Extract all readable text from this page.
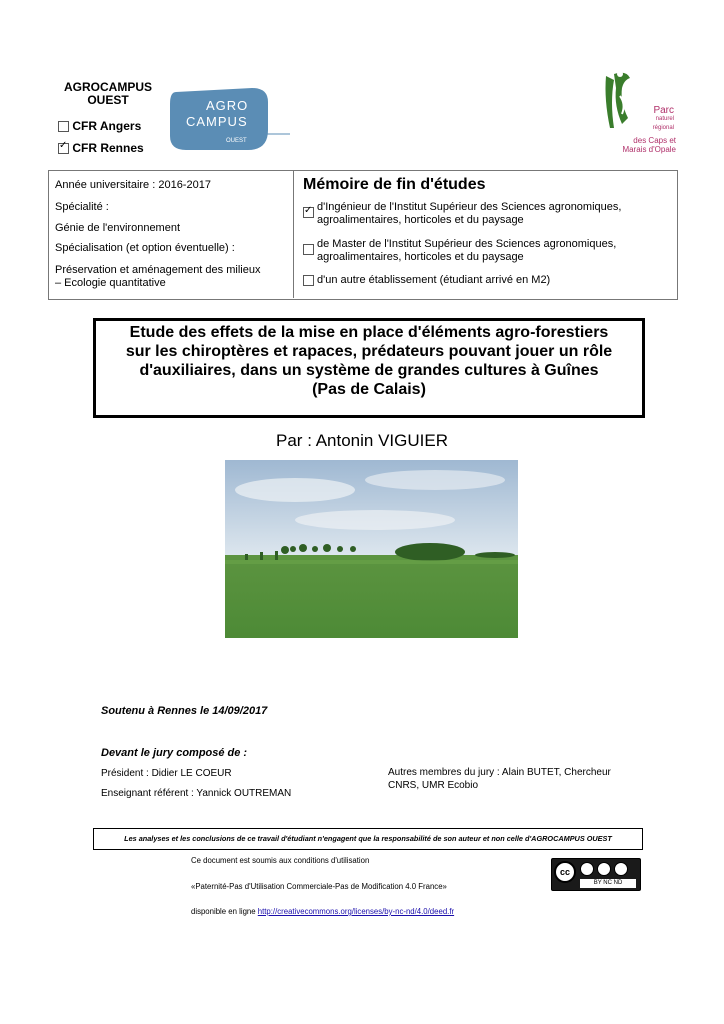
AGROCAMPUS
OUEST
CFR Angers
✓ CFR Rennes
AGRO
CAMPUS
OUEST
Parc
naturel
régional
des Caps et
Marais d'Opale
Année universitaire : 2016-2017
Spécialité :
Génie de l'environnement
Spécialisation (et option éventuelle) :
Préservation et aménagement des milieux
– Ecologie quantitative
Mémoire de fin d'études
✓
d'Ingénieur de l'Institut Supérieur des Sciences agronomiques,
agroalimentaires, horticoles et du paysage
de Master de l'Institut Supérieur des Sciences agronomiques,
agroalimentaires, horticoles et du paysage
d'un autre établissement (étudiant arrivé en M2)
Etude des effets de la mise en place d'éléments agro-forestiers
sur les chiroptères et rapaces, prédateurs pouvant jouer un rôle
d'auxiliaires, dans un système de grandes cultures à Guînes
(Pas de Calais)
Par : Antonin VIGUIER
Soutenu à Rennes le 14/09/2017
Devant le jury composé de :
Président : Didier LE COEUR
Enseignant référent : Yannick OUTREMAN
Autres membres du jury : Alain BUTET, Chercheur
CNRS, UMR Ecobio
Les analyses et les conclusions de ce travail d'étudiant n'engagent que la responsabilité de son auteur et non celle d'AGROCAMPUS OUEST
Ce document est soumis aux conditions d'utilisation
«Paternité-Pas d'Utilisation Commerciale-Pas de Modification 4.0 France»
disponible en ligne http://creativecommons.org/licenses/by-nc-nd/4.0/deed.fr
cc
BY NC ND
